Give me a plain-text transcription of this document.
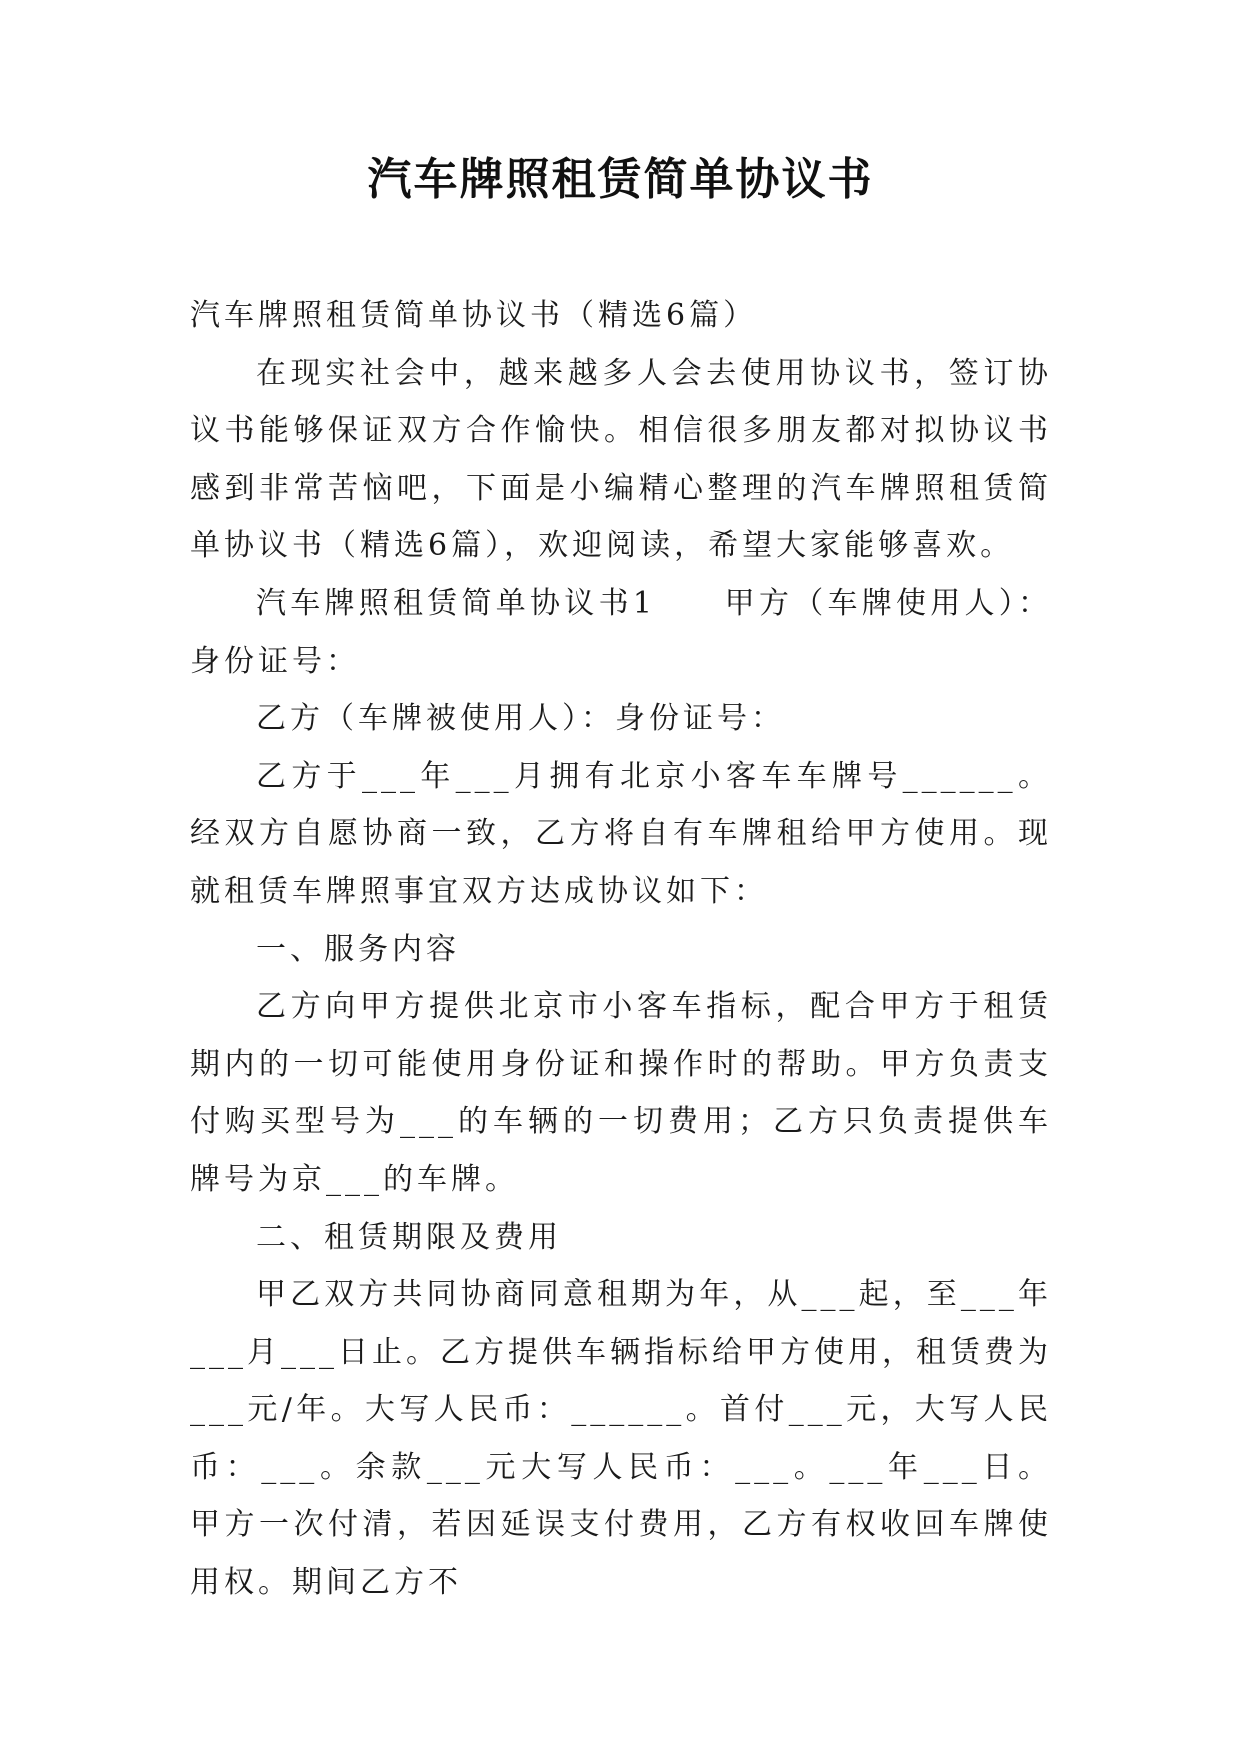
汽车牌照租赁简单协议书

汽车牌照租赁简单协议书（精选6篇）

在现实社会中，越来越多人会去使用协议书，签订协议书能够保证双方合作愉快。相信很多朋友都对拟协议书感到非常苦恼吧，下面是小编精心整理的汽车牌照租赁简单协议书（精选6篇），欢迎阅读，希望大家能够喜欢。

汽车牌照租赁简单协议书1　　甲方（车牌使用人）：身份证号：

乙方（车牌被使用人）：身份证号：

乙方于___年___月拥有北京小客车车牌号______。经双方自愿协商一致，乙方将自有车牌租给甲方使用。现就租赁车牌照事宜双方达成协议如下：

一、服务内容

乙方向甲方提供北京市小客车指标，配合甲方于租赁期内的一切可能使用身份证和操作时的帮助。甲方负责支付购买型号为___的车辆的一切费用；乙方只负责提供车牌号为京___的车牌。

二、租赁期限及费用

甲乙双方共同协商同意租期为年，从___起，至___年___月___日止。乙方提供车辆指标给甲方使用，租赁费为___元/年。大写人民币：______。首付___元，大写人民币：___。余款___元大写人民币：___。___年___日。甲方一次付清，若因延误支付费用，乙方有权收回车牌使用权。期间乙方不
